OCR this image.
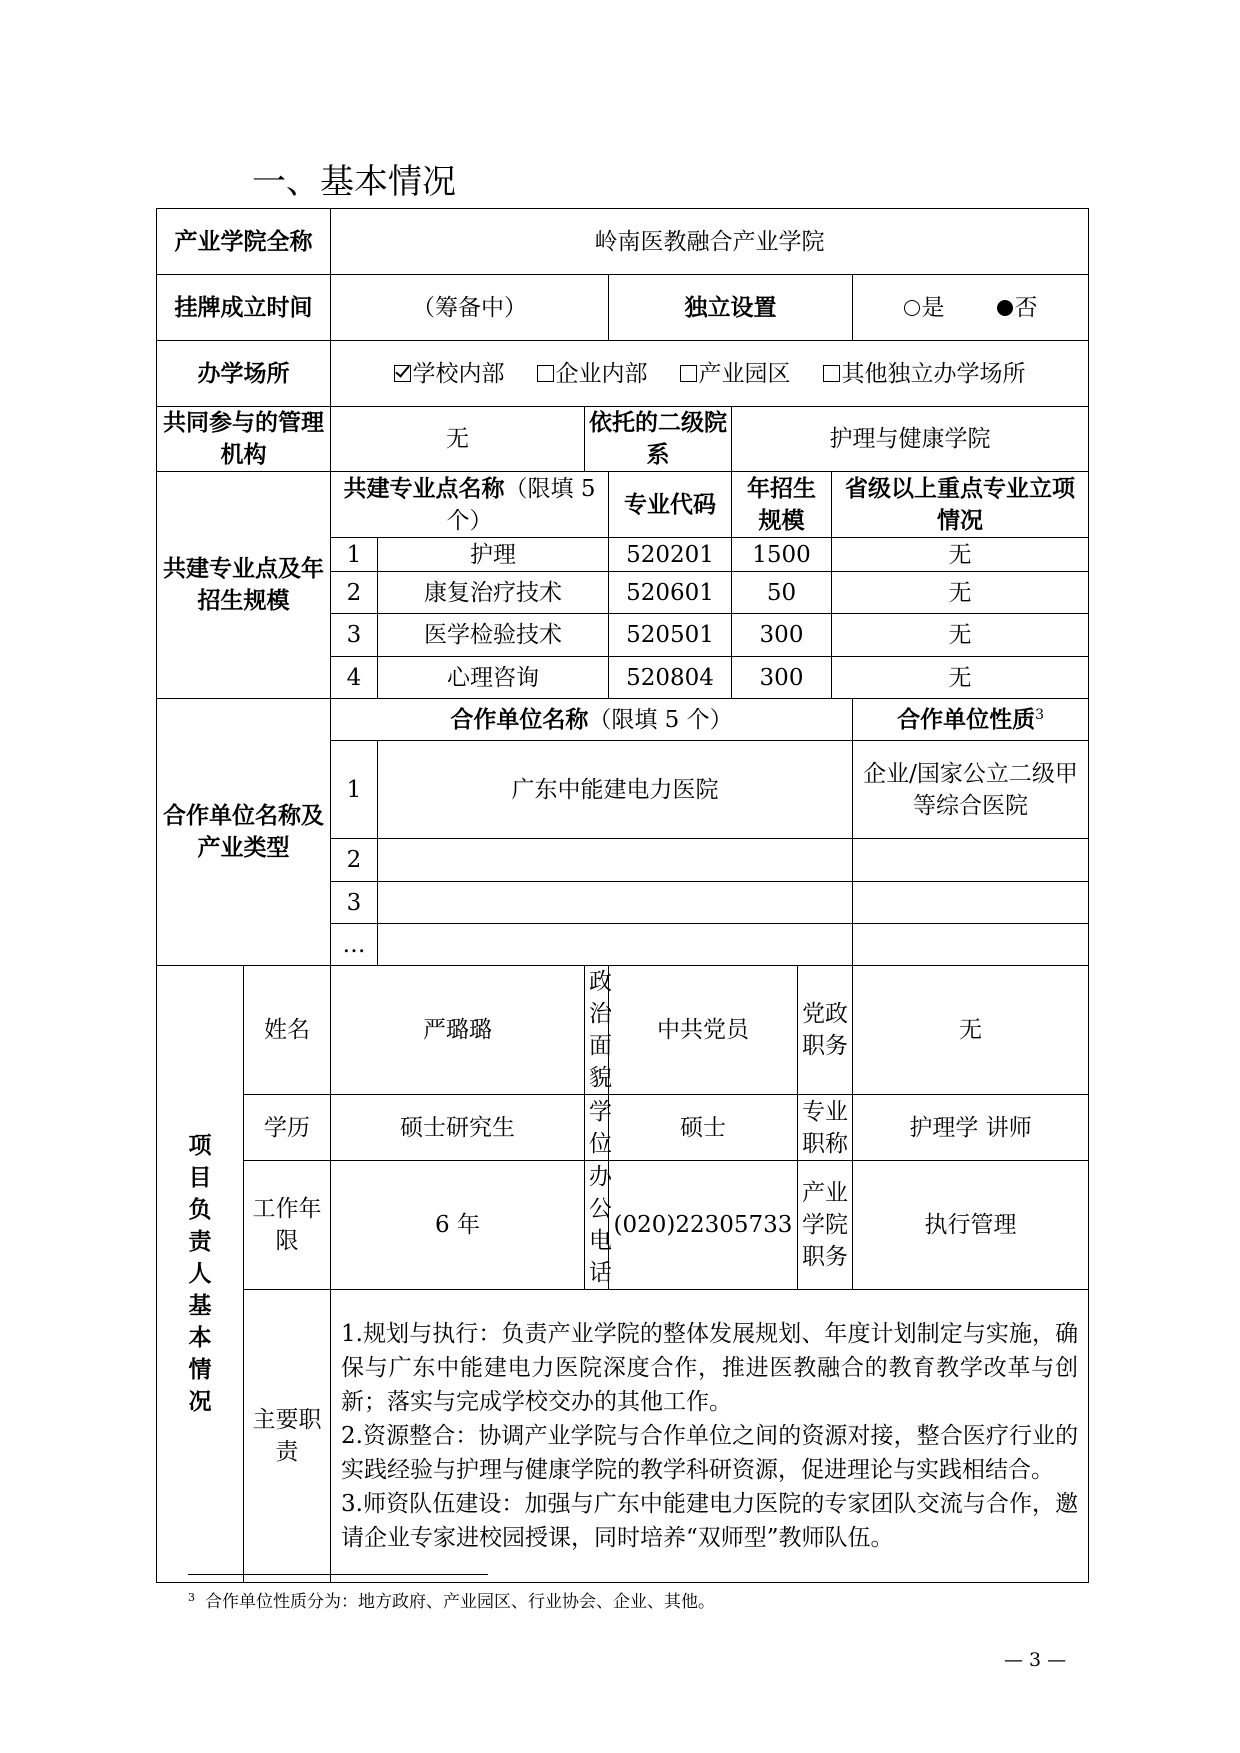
一、基本情况
产业学院全称		岭南医教融合产业学院							
挂牌成立时间		（筹备中）			独立设置				是 否
办学场所		学校内部 企业内部 产业园区 其他独立办学场所							
共同参与的管理机构		无		依托的二级院系		护理与健康学院			
共建专业点及年招生规模		共建专业点名称（限填 5 个）			专业代码	年招生规模		省级以上重点专业立项情况	
		1	护理		520201	1500		无	
		2	康复治疗技术		520601	50		无	
		3	医学检验技术		520501	300		无	
		4	心理咨询		520804	300		无	
合作单位名称及产业类型		合作单位名称（限填 5 个）							合作单位性质$^3$
		1	广东中能建电力医院						企业/国家公立二级甲等综合医院
		2							
		3							
		…							
项目负责人基本情况	姓名	严璐璐		政治面貌	中共党员		党政职务		无
	学历	硕士研究生		学位	硕士		专业职称		护理学 讲师
	工作年限	6 年		办公电话	(020)22305733		产业学院职务		执行管理
	主要职责	1.规划与执行：负责产业学院的整体发展规划、年度计划制定与实施，确保与广东中能建电力医院深度合作，推进医教融合的教育教学改革与创新；落实与完成学校交办的其他工作。
2.资源整合：协调产业学院与合作单位之间的资源对接，整合医疗行业的实践经验与护理与健康学院的教学科研资源，促进理论与实践相结合。
3.师资队伍建设：加强与广东中能建电力医院的专家团队交流与合作，邀请企业专家进校园授课，同时培养“双师型”教师队伍。							
$^3$ 合作单位性质分为：地方政府、产业园区、行业协会、企业、其他。
— 3 —
